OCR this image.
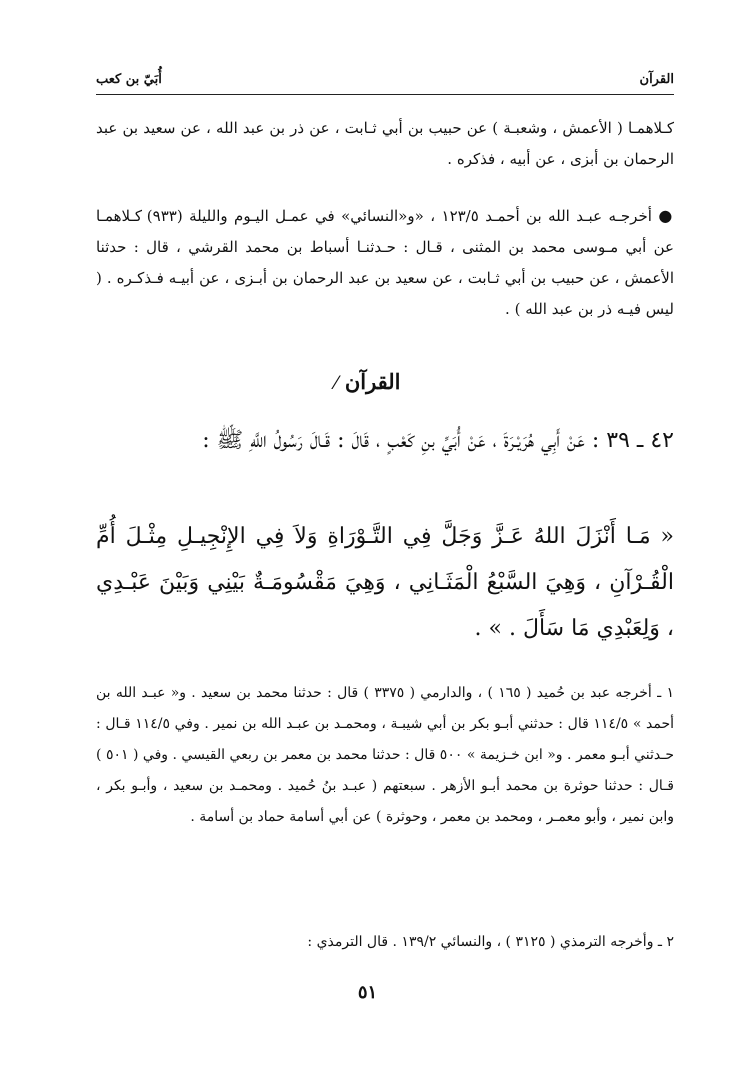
القرآن
أُبَيّ بن كعب
كـلاهمـا ( الأعمش ، وشعبـة ) عن حبيب بن أبي ثـابت ، عن ذر بن عبد الله ، عن سعيد بن عبد الرحمان بن أبزى ، عن أبيه ، فذكره .
● أخرجـه عبـد الله بن أحمـد ١٢٣/٥ ، «و«النسائي» في عمـل اليـوم والليلة (٩٣٣) كـلاهمـا عن أبي مـوسى محمد بن المثنى ، قـال : حـدثنـا أسباط بن محمد القرشي ، قال : حدثنا الأعمش ، عن حبيب بن أبي ثـابت ، عن سعيد بن عبد الرحمان بن أبـزى ، عن أبيـه فـذكـره . ( ليس فيـه ذر بن عبد الله ) .
القرآن ⁄
٤٢ ـ ٣٩ : عَنْ أَبِي هُرَيْـرَةَ ، عَنْ أُبَيِّ بنِ كَعْبٍ ، قَالَ : قَـالَ رَسُولُ اللَّهِ ﷺ :
« مَـا أَنْزَلَ اللهُ عَـزَّ وَجَلَّ فِي التَّـوْرَاةِ وَلاَ فِي الإِنْجِيـلِ مِثْـلَ أُمِّ الْقُـرْآنِ ، وَهِيَ السَّبْعُ الْمَثَـانِي ، وَهِيَ مَقْسُومَـةٌ بَيْنِي وَبَيْنَ عَبْـدِي ، وَلِعَبْدِي مَا سَأَلَ . » .
١ ـ أخرجه عبد بن حُميد ( ١٦٥ ) ، والدارمي ( ٣٣٧٥ ) قال : حدثنا محمد بن سعيد . و« عبـد الله بن أحمد » ١١٤/٥ قال : حدثني أبـو بكر بن أبي شيبـة ، ومحمـد بن عبـد الله بن نمير . وفي ١١٤/٥ قـال : حـدثني أبـو معمر . و« ابن خـزيمة » ٥٠٠ قال : حدثنا محمد بن معمر بن ربعي القيسي . وفي ( ٥٠١ ) قـال : حدثنا حوثرة بن محمد أبـو الأزهر . سبعتهم ( عبـد بنُ حُميد . ومحمـد بن سعيد ، وأبـو بكر ، وابن نمير ، وأبو معمـر ، ومحمد بن معمر ، وحوثرة ) عن أبي أسامة حماد بن أسامة .
٢ ـ وأخرجه الترمذي ( ٣١٢٥ ) ، والنسائي ١٣٩/٢ . قال الترمذي :
٥١
